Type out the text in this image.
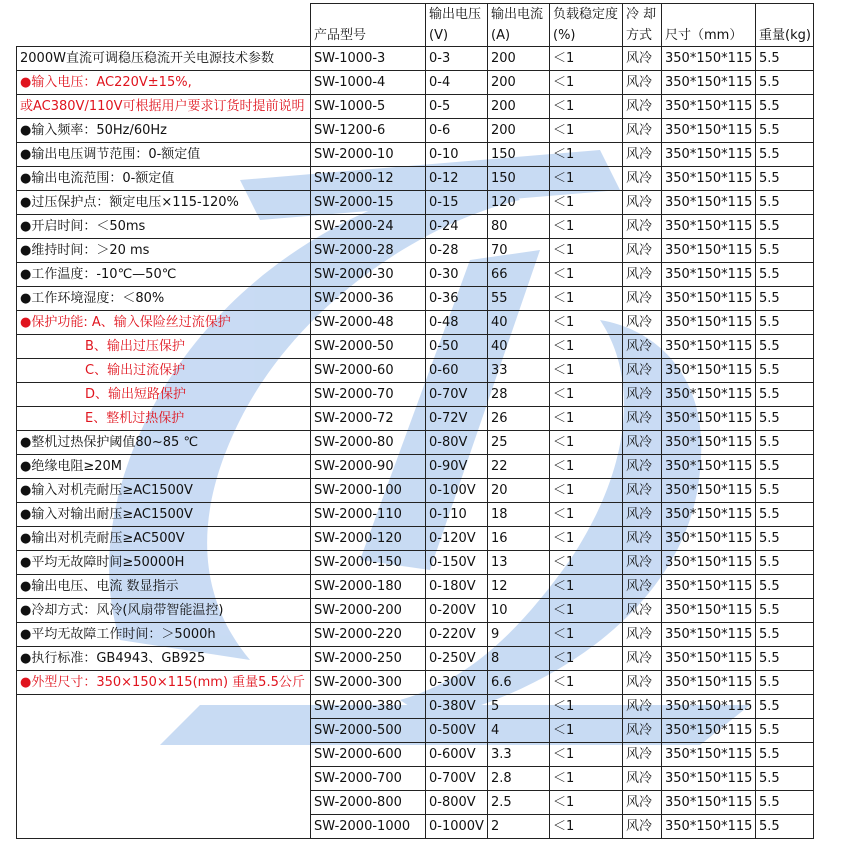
	产品型号	输出电压(V)	输出电流(A)	负载稳定度(%)	冷 却方式	尺寸（mm）	重量(kg)
2000W直流可调稳压稳流开关电源技术参数	SW-1000-3	0-3	200	＜1	风冷	350*150*115	5.5
●输入电压：AC220V±15%,	SW-1000-4	0-4	200	＜1	风冷	350*150*115	5.5
或AC380V/110V可根据用户要求订货时提前说明	SW-1000-5	0-5	200	＜1	风冷	350*150*115	5.5
●输入频率：50Hz/60Hz	SW-1200-6	0-6	200	＜1	风冷	350*150*115	5.5
●输出电压调节范围：0-额定值	SW-2000-10	0-10	150	＜1	风冷	350*150*115	5.5
●输出电流范围：0-额定值	SW-2000-12	0-12	150	＜1	风冷	350*150*115	5.5
●过压保护点：额定电压×115-120%	SW-2000-15	0-15	120	＜1	风冷	350*150*115	5.5
●开启时间：＜50ms	SW-2000-24	0-24	80	＜1	风冷	350*150*115	5.5
●维持时间：＞20 ms	SW-2000-28	0-28	70	＜1	风冷	350*150*115	5.5
●工作温度：-10℃—50℃	SW-2000-30	0-30	66	＜1	风冷	350*150*115	5.5
●工作环境湿度：＜80%	SW-2000-36	0-36	55	＜1	风冷	350*150*115	5.5
●保护功能: A、输入保险丝过流保护	SW-2000-48	0-48	40	＜1	风冷	350*150*115	5.5
B、输出过压保护	SW-2000-50	0-50	40	＜1	风冷	350*150*115	5.5
C、输出过流保护	SW-2000-60	0-60	33	＜1	风冷	350*150*115	5.5
D、输出短路保护	SW-2000-70	0-70V	28	＜1	风冷	350*150*115	5.5
E、整机过热保护	SW-2000-72	0-72V	26	＜1	风冷	350*150*115	5.5
●整机过热保护阈值80~85 ℃	SW-2000-80	0-80V	25	＜1	风冷	350*150*115	5.5
●绝缘电阻≥20M	SW-2000-90	0-90V	22	＜1	风冷	350*150*115	5.5
●输入对机壳耐压≥AC1500V	SW-2000-100	0-100V	20	＜1	风冷	350*150*115	5.5
●输入对输出耐压≥AC1500V	SW-2000-110	0-110	18	＜1	风冷	350*150*115	5.5
●输出对机壳耐压≥AC500V	SW-2000-120	0-120V	16	＜1	风冷	350*150*115	5.5
●平均无故障时间≥50000H	SW-2000-150	0-150V	13	＜1	风冷	350*150*115	5.5
●输出电压、电流 数显指示	SW-2000-180	0-180V	12	＜1	风冷	350*150*115	5.5
●冷却方式：风冷(风扇带智能温控)	SW-2000-200	0-200V	10	＜1	风冷	350*150*115	5.5
●平均无故障工作时间：＞5000h	SW-2000-220	0-220V	9	＜1	风冷	350*150*115	5.5
●执行标准：GB4943、GB925	SW-2000-250	0-250V	8	＜1	风冷	350*150*115	5.5
●外型尺寸：350×150×115(mm) 重量5.5公斤	SW-2000-300	0-300V	6.6	＜1	风冷	350*150*115	5.5
	SW-2000-380	0-380V	5	＜1	风冷	350*150*115	5.5
	SW-2000-500	0-500V	4	＜1	风冷	350*150*115	5.5
	SW-2000-600	0-600V	3.3	＜1	风冷	350*150*115	5.5
	SW-2000-700	0-700V	2.8	＜1	风冷	350*150*115	5.5
	SW-2000-800	0-800V	2.5	＜1	风冷	350*150*115	5.5
	SW-2000-1000	0-1000V	2	＜1	风冷	350*150*115	5.5
